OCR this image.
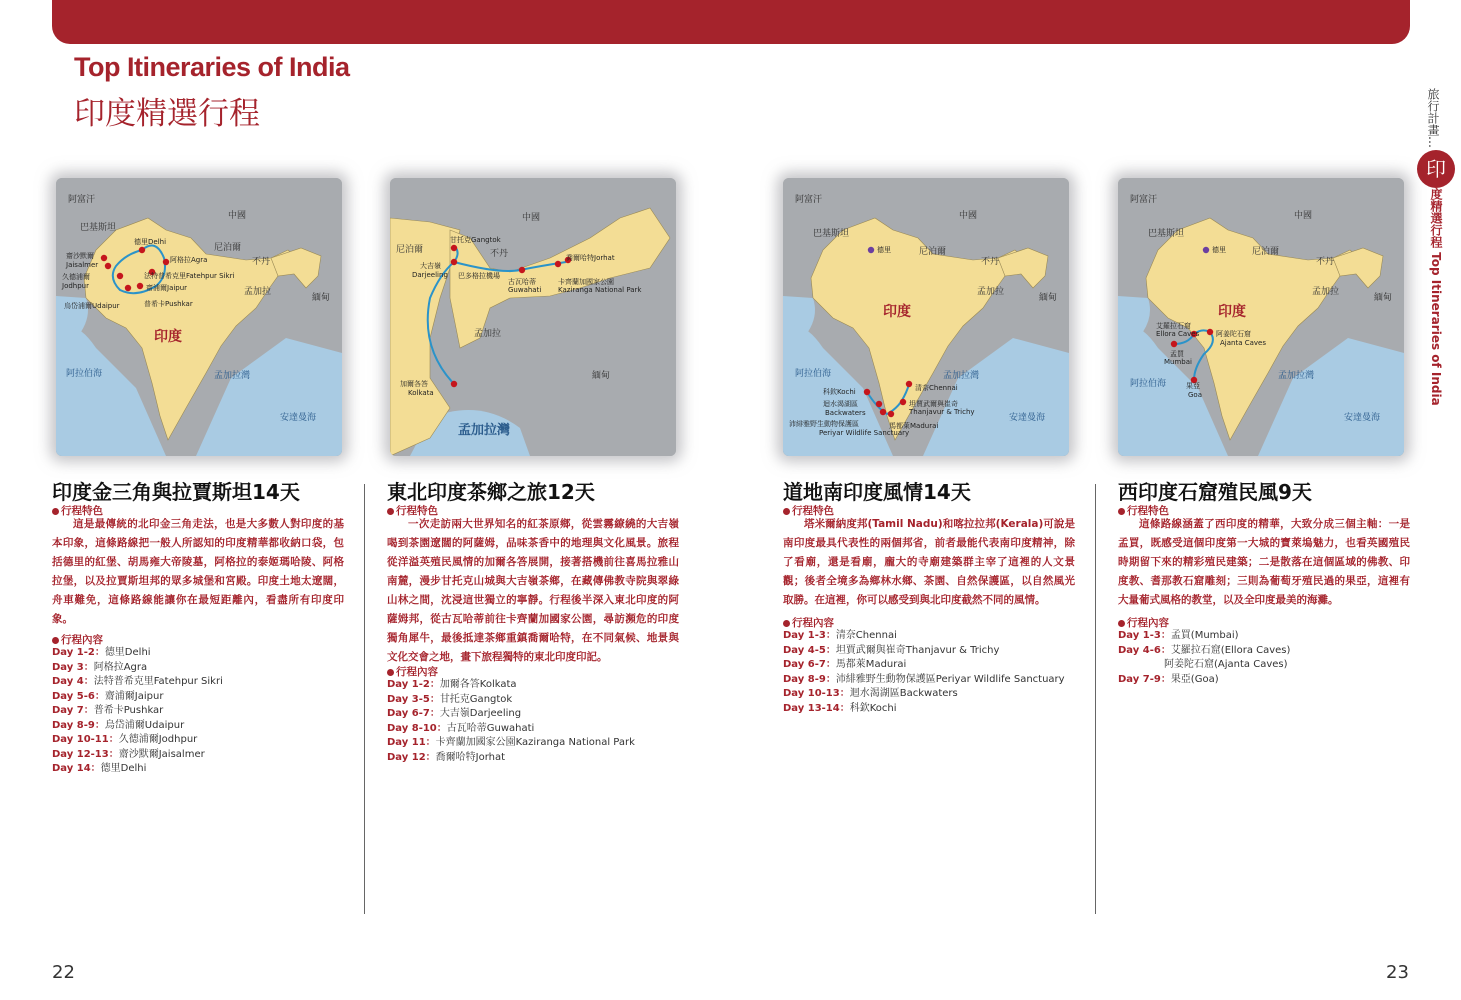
Top Itineraries of India
印度精選行程	旅行計畫…
印
度精選行程 Top Itineraries of India
22	23
阿富汗
巴基斯坦
中國
尼泊爾
不丹
孟加拉
緬甸
印度
阿拉伯海	孟加拉灣
安達曼海
德里Delhi
阿格拉Agra
法特普希克里Fatehpur Sikri
齋浦爾Jaipur
普希卡Pushkar
烏岱浦爾Udaipur
久德浦爾
Jodhpur
齋沙默爾
Jaisalmer
中國
尼泊爾	不丹
孟加拉
緬甸
孟加拉灣
甘托克Gangtok
大吉嶺
Darjeeling 巴多格拉機場
古瓦哈蒂
Guwahati
卡齊蘭加國家公園
Kaziranga National Park
喬爾哈特Jorhat
加爾各答
Kolkata
阿富汗
巴基斯坦
中國
尼泊爾
不丹
孟加拉
緬甸
印度
阿拉伯海	孟加拉灣
安達曼海
德里
清奈Chennai
科欽Kochi
坦賈武爾與崔奇
Thanjavur & Trichy
迴水渴湖區
Backwaters
馬都萊Madurai
沛緋雅野生動物保護區
Periyar Wildlife Sanctuary
阿富汗
巴基斯坦
中國
尼泊爾
不丹
孟加拉
緬甸
印度
阿拉伯海
孟加拉灣
安達曼海
德里
艾羅拉石窟
Ellora Caves 阿姜陀石窟
Ajanta Caves
孟買
Mumbai
果亞
Goa
印度金三角與拉賈斯坦14天
行程特色
這是最傳統的北印金三角走法，也是大多數人對印度的基本印象，這條路線把一般人所認知的印度精華都收納口袋，包括德里的紅堡、胡馬雍大帝陵墓，阿格拉的泰姬瑪哈陵、阿格拉堡，以及拉賈斯坦邦的眾多城堡和宮殿。印度土地太遼闊，舟車難免，這條路線能讓你在最短距離內，看盡所有印度印象。
行程內容
Day 1-2：德里Delhi
Day 3：阿格拉Agra
Day 4：法特普希克里Fatehpur Sikri
Day 5-6：齋浦爾Jaipur
Day 7：普希卡Pushkar
Day 8-9：烏岱浦爾Udaipur
Day 10-11：久德浦爾Jodhpur
Day 12-13：齋沙默爾Jaisalmer
Day 14：德里Delhi
東北印度茶鄉之旅12天
行程特色
一次走訪兩大世界知名的紅茶原鄉，從雲霧繚繞的大吉嶺喝到茶園遼闊的阿薩姆，品味茶香中的地理與文化風景。旅程從洋溢英殖民風情的加爾各答展開，接著搭機前往喜馬拉雅山南麓，漫步甘托克山城與大吉嶺茶鄉，在藏傳佛教寺院與翠綠山林之間，沈浸這世獨立的寧靜。行程後半深入東北印度的阿薩姆邦，從古瓦哈蒂前往卡齊蘭加國家公園，尋訪瀕危的印度獨角犀牛，最後抵達茶鄉重鎮喬爾哈特，在不同氣候、地景與文化交會之地，畫下旅程獨特的東北印度印記。
行程內容
Day 1-2：加爾各答Kolkata
Day 3-5：甘托克Gangtok
Day 6-7：大吉嶺Darjeeling
Day 8-10：古瓦哈蒂Guwahati
Day 11：卡齊蘭加國家公園Kaziranga National Park
Day 12：喬爾哈特Jorhat
道地南印度風情14天
行程特色
塔米爾納度邦(Tamil Nadu)和喀拉拉邦(Kerala)可說是南印度最具代表性的兩個邦省，前者最能代表南印度精神，除了看廟，還是看廟，龐大的寺廟建築群主宰了這裡的人文景觀；後者全境多為鄉林水鄉、茶園、自然保護區，以自然風光取勝。在這裡，你可以感受到與北印度截然不同的風情。
行程內容
Day 1-3：清奈Chennai
Day 4-5：坦賈武爾與崔奇Thanjavur & Trichy
Day 6-7：馬都萊Madurai
Day 8-9：沛緋雅野生動物保護區Periyar Wildlife Sanctuary
Day 10-13：迴水渴湖區Backwaters
Day 13-14：科欽Kochi
西印度石窟殖民風9天
行程特色
這條路線涵蓋了西印度的精華，大致分成三個主軸：一是孟買，既感受這個印度第一大城的寶萊塢魅力，也看英國殖民時期留下來的精彩殖民建築；二是散落在這個區域的佛教、印度教、耆那教石窟雕刻；三則為葡萄牙殖民過的果亞，這裡有大量葡式風格的教堂，以及全印度最美的海灘。
行程內容
Day 1-3：孟買(Mumbai)
Day 4-6：艾羅拉石窟(Ellora Caves)
阿姜陀石窟(Ajanta Caves)
Day 7-9：果亞(Goa)
